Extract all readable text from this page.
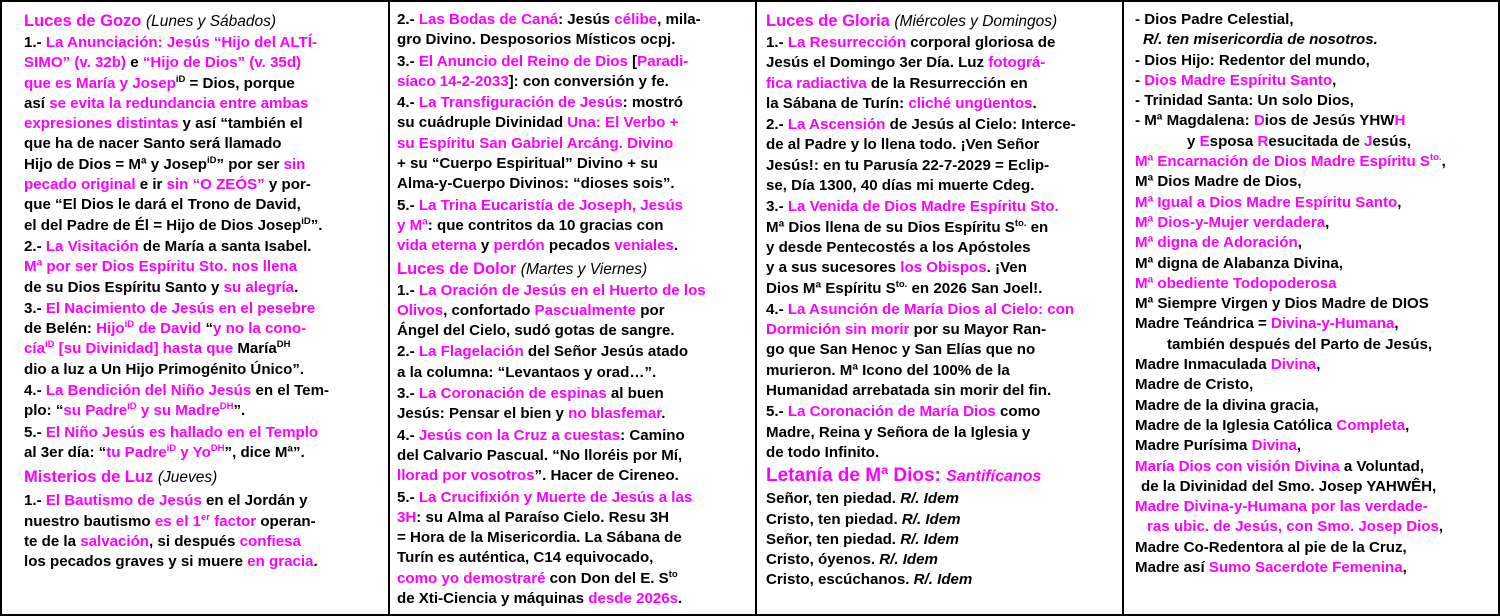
Luces de Gozo (Lunes y Sábados)
1.- La Anunciación: Jesús “Hijo del ALTÍ-
SIMO” (v. 32b) e “Hijo de Dios” (v. 35d)
que es María y Josep$^{iD}$ = Dios, porque
así se evita la redundancia entre ambas
expresiones distintas y así “también el
que ha de nacer Santo será llamado
Hijo de Dios = Mª y Josep$^{iD}$” por ser sin
pecado original e ir sin “O ZEÓS” y por-
que “El Dios le dará el Trono de David,
el del Padre de Él = Hijo de Dios Josep$^{iD}$”.
2.- La Visitación de María a santa Isabel.
Mª por ser Dios Espíritu Sto. nos llena
de su Dios Espíritu Santo y su alegría.
3.- El Nacimiento de Jesús en el pesebre
de Belén: Hijo$^{iD}$ de David “y no la cono-
cía$^{iD}$ [su Divinidad] hasta que María$^{DH}$
dio a luz a Un Hijo Primogénito Único”.
4.- La Bendición del Niño Jesús en el Tem-
plo: “su Padre$^{iD}$ y su Madre$^{DH}$”.
5.- El Niño Jesús es hallado en el Templo
al 3er día: “tu Padre$^{iD}$ y $Yo^{DH}$”, dice Mª”.
Misterios de Luz (Jueves)
1.- El Bautismo de Jesús en el Jordán y
nuestro bautismo es el 1er factor operan-
te de la salvación, si después confiesa
los pecados graves y si muere en gracia.
2.- Las Bodas de Caná: Jesús célibe, mila-
gro Divino. Desposorios Místicos ocpj.
3.- El Anuncio del Reino de Dios [Paradi-
síaco 14-2-2033]: con conversión y fe.
4.- La Transfiguración de Jesús: mostró
su cuádruple Divinidad Una: El Verbo +
su Espíritu San Gabriel Arcáng. Divino
+ su “Cuerpo Espiritual” Divino + su
Alma-y-Cuerpo Divinos: “dioses sois”.
5.- La Trina Eucaristía de Joseph, Jesús
y Mª: que contritos da 10 gracias con
vida eterna y perdón pecados veniales.
Luces de Dolor (Martes y Viernes)
1.- La Oración de Jesús en el Huerto de los
Olivos, confortado Pascualmente por
Ángel del Cielo, sudó gotas de sangre.
2.- La Flagelación del Señor Jesús atado
a la columna: “Levantaos y orad…”.
3.- La Coronación de espinas al buen
Jesús: Pensar el bien y no blasfemar.
4.- Jesús con la Cruz a cuestas: Camino
del Calvario Pascual. “No lloréis por Mí,
llorad por vosotros”. Hacer de Cireneo.
5.- La Crucifixión y Muerte de Jesús a las
3H: su Alma al Paraíso Cielo. Resu 3H
= Hora de la Misericordia. La Sábana de
Turín es auténtica, C14 equivocado,
como yo demostraré con Don del E. $S^{to}$
de Xti-Ciencia y máquinas desde 2026s.
Luces de Gloria (Miércoles y Domingos)
1.- La Resurrección corporal gloriosa de
Jesús el Domingo 3er Día. Luz fotográ-
fica radiactiva de la Resurrección en
la Sábana de Turín: cliché ungüentos.
2.- La Ascensión de Jesús al Cielo: Interce-
de al Padre y lo llena todo. ¡Ven Señor
Jesús!: en tu Parusía 22-7-2029 = Eclip-
se, Día 1300, 40 días mi muerte Cdeg.
3.- La Venida de Dios Madre Espíritu Sto.
Mª Dios llena de su Dios Espíritu $S^{to.}$ en
y desde Pentecostés a los Apóstoles
y a sus sucesores los Obispos. ¡Ven
Dios Mª Espíritu $S^{to.}$ en 2026 San Joel!.
4.- La Asunción de María Dios al Cielo: con
Dormición sin morir por su Mayor Ran-
go que San Henoc y San Elías que no
murieron. Mª Icono del 100% de la
Humanidad arrebatada sin morir del fin.
5.- La Coronación de María Dios como
Madre, Reina y Señora de la Iglesia y
de todo Infinito.
Letanía de Mª Dios: Santifícanos
Señor, ten piedad. R/. Idem
Cristo, ten piedad. R/. Idem
Señor, ten piedad. R/. Idem
Cristo, óyenos. R/. Idem
Cristo, escúchanos. R/. Idem
- Dios Padre Celestial,
R/. ten misericordia de nosotros.
- Dios Hijo: Redentor del mundo,
- Dios Madre Espíritu Santo,
- Trinidad Santa: Un solo Dios,
- Mª Magdalena: Dios de Jesús YHWH
y Esposa Resucitada de Jesús,
Mª Encarnación de Dios Madre Espíritu $S^{to.}$,
Mª Dios Madre de Dios,
Mª Igual a Dios Madre Espíritu Santo,
Mª Dios-y-Mujer verdadera,
Mª digna de Adoración,
Mª digna de Alabanza Divina,
Mª obediente Todopoderosa
Mª Siempre Virgen y Dios Madre de DIOS
Madre Teándrica = Divina-y-Humana,
también después del Parto de Jesús,
Madre Inmaculada Divina,
Madre de Cristo,
Madre de la divina gracia,
Madre de la Iglesia Católica Completa,
Madre Purísima Divina,
María Dios con visión Divina a Voluntad,
de la Divinidad del Smo. Josep YAHWÊH,
Madre Divina-y-Humana por las verdade-
ras ubic. de Jesús, con Smo. Josep Dios,
Madre Co-Redentora al pie de la Cruz,
Madre así Sumo Sacerdote Femenina,
